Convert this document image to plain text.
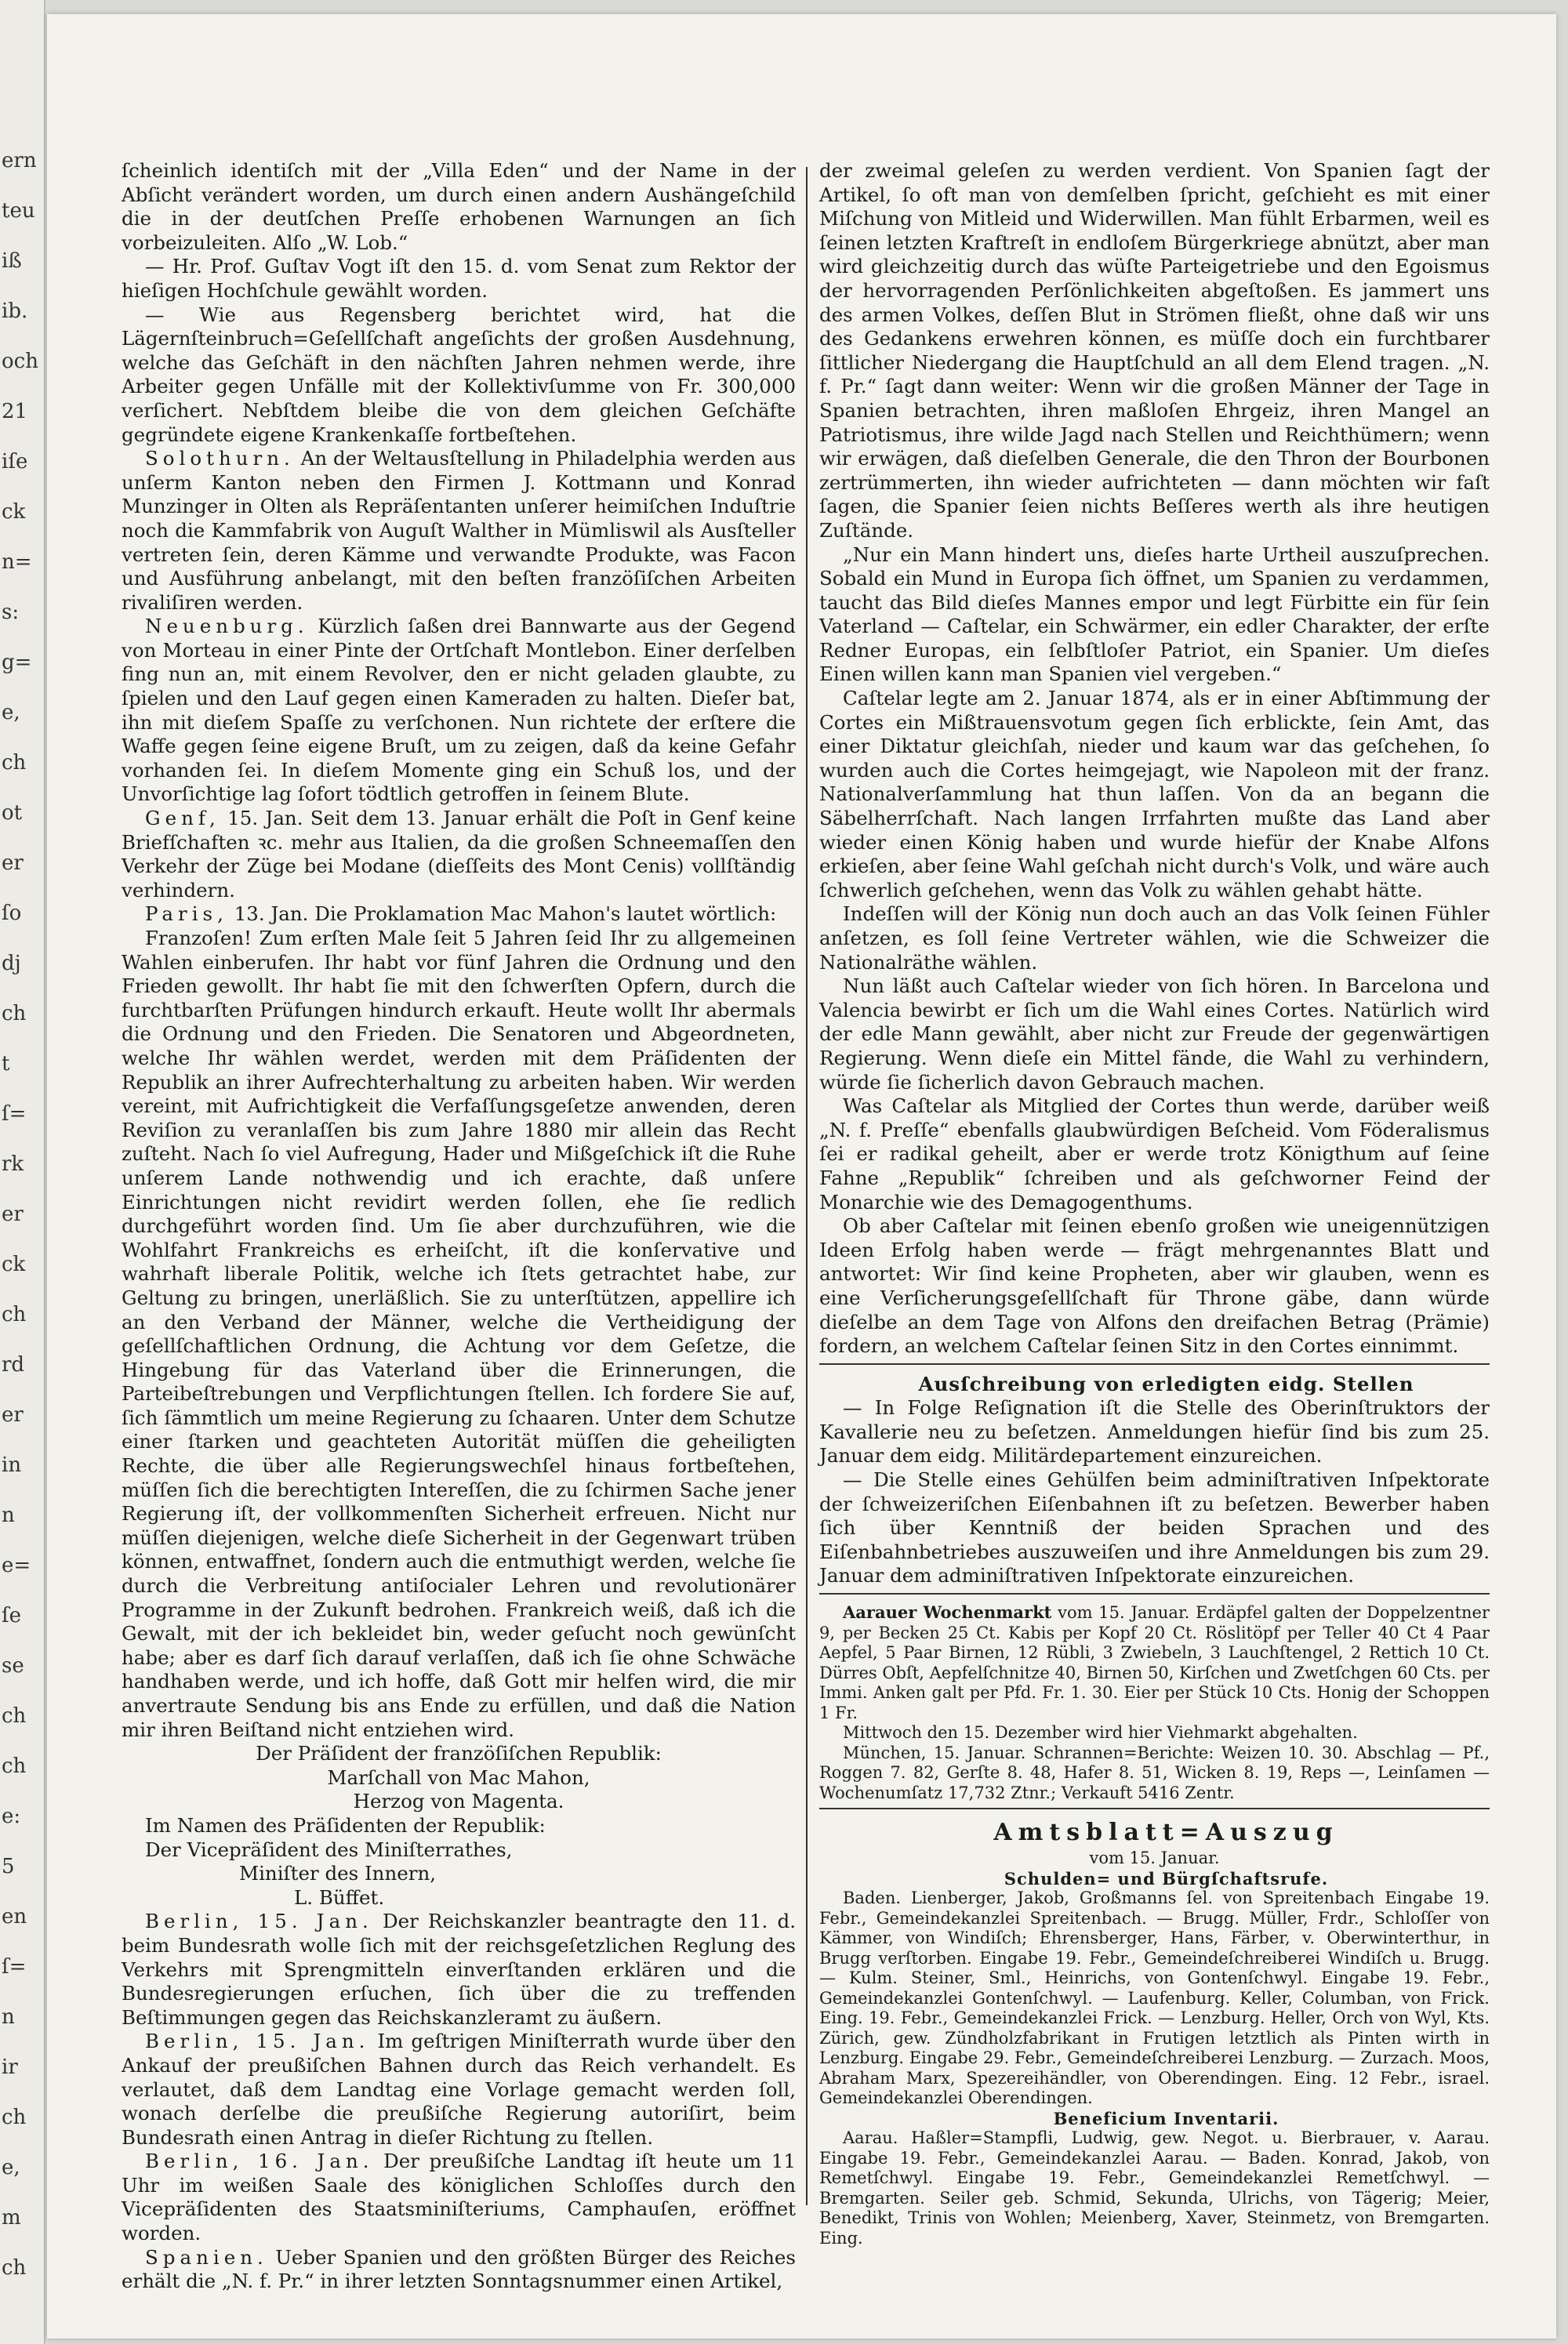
ern
teu
iß
ib.
och
21
iſe
ck
n=
s:
g=
e,
ch
ot
er
ſo
dj
ch
t
ſ=
rk
er
ck
ch
rd
er
in
n
e=
ſe
se
ch
ch
e:
5
en
ſ=
n
ir
ch
e,
m
ch

ſcheinlich identiſch mit der „Villa Eden“ und der Name in der Abſicht verändert worden, um durch einen andern Aushängeſchild die in der deutſchen Preſſe erhobenen Warnungen an ſich vorbeizuleiten. Alſo „W. Lob.“

— Hr. Prof. Guſtav Vogt iſt den 15. d. vom Senat zum Rektor der hieſigen Hochſchule gewählt worden.

— Wie aus Regensberg berichtet wird, hat die Lägernſteinbruch=Geſellſchaft angeſichts der großen Ausdehnung, welche das Geſchäft in den nächſten Jahren nehmen werde, ihre Arbeiter gegen Unfälle mit der Kollektivſumme von Fr. 300,000 verſichert. Nebſtdem bleibe die von dem gleichen Geſchäfte gegründete eigene Krankenkaſſe fortbeſtehen.

Solothurn. An der Weltausſtellung in Philadelphia werden aus unſerm Kanton neben den Firmen J. Kottmann und Konrad Munzinger in Olten als Repräſentanten unſerer heimiſchen Induſtrie noch die Kammfabrik von Auguſt Walther in Mümliswil als Ausſteller vertreten ſein, deren Kämme und verwandte Produkte, was Facon und Ausführung anbelangt, mit den beſten franzöſiſchen Arbeiten rivaliſiren werden.

Neuenburg. Kürzlich ſaßen drei Bannwarte aus der Gegend von Morteau in einer Pinte der Ortſchaft Montlebon. Einer derſelben fing nun an, mit einem Revolver, den er nicht geladen glaubte, zu ſpielen und den Lauf gegen einen Kameraden zu halten. Dieſer bat, ihn mit dieſem Spaſſe zu verſchonen. Nun richtete der erſtere die Waffe gegen ſeine eigene Bruſt, um zu zeigen, daß da keine Gefahr vorhanden ſei. In dieſem Momente ging ein Schuß los, und der Unvorſichtige lag ſofort tödtlich getroffen in ſeinem Blute.

Genf, 15. Jan. Seit dem 13. Januar erhält die Poſt in Genf keine Briefſchaften ꝛc. mehr aus Italien, da die großen Schneemaſſen den Verkehr der Züge bei Modane (dieſſeits des Mont Cenis) vollſtändig verhindern.

Paris, 13. Jan. Die Proklamation Mac Mahon's lautet wörtlich:

Franzoſen! Zum erſten Male ſeit 5 Jahren ſeid Ihr zu allgemeinen Wahlen einberufen. Ihr habt vor fünf Jahren die Ordnung und den Frieden gewollt. Ihr habt ſie mit den ſchwerſten Opfern, durch die furchtbarſten Prüfungen hindurch erkauft. Heute wollt Ihr abermals die Ordnung und den Frieden. Die Senatoren und Abgeordneten, welche Ihr wählen werdet, werden mit dem Präſidenten der Republik an ihrer Aufrechterhaltung zu arbeiten haben. Wir werden vereint, mit Aufrichtigkeit die Verfaſſungsgeſetze anwenden, deren Reviſion zu veranlaſſen bis zum Jahre 1880 mir allein das Recht zuſteht. Nach ſo viel Aufregung, Hader und Mißgeſchick iſt die Ruhe unſerem Lande nothwendig und ich erachte, daß unſere Einrichtungen nicht revidirt werden ſollen, ehe ſie redlich durchgeführt worden ſind. Um ſie aber durchzuführen, wie die Wohlfahrt Frankreichs es erheiſcht, iſt die konſervative und wahrhaft liberale Politik, welche ich ſtets getrachtet habe, zur Geltung zu bringen, unerläßlich. Sie zu unterſtützen, appellire ich an den Verband der Männer, welche die Vertheidigung der geſellſchaftlichen Ordnung, die Achtung vor dem Geſetze, die Hingebung für das Vaterland über die Erinnerungen, die Parteibeſtrebungen und Verpflichtungen ſtellen. Ich fordere Sie auf, ſich ſämmtlich um meine Regierung zu ſchaaren. Unter dem Schutze einer ſtarken und geachteten Autorität müſſen die geheiligten Rechte, die über alle Regierungswechſel hinaus fortbeſtehen, müſſen ſich die berechtigten Intereſſen, die zu ſchirmen Sache jener Regierung iſt, der vollkommenſten Sicherheit erfreuen. Nicht nur müſſen diejenigen, welche dieſe Sicherheit in der Gegenwart trüben können, entwaffnet, ſondern auch die entmuthigt werden, welche ſie durch die Verbreitung antiſocialer Lehren und revolutionärer Programme in der Zukunft bedrohen. Frankreich weiß, daß ich die Gewalt, mit der ich bekleidet bin, weder geſucht noch gewünſcht habe; aber es darf ſich darauf verlaſſen, daß ich ſie ohne Schwäche handhaben werde, und ich hoffe, daß Gott mir helfen wird, die mir anvertraute Sendung bis ans Ende zu erfüllen, und daß die Nation mir ihren Beiſtand nicht entziehen wird.

Der Präſident der franzöſiſchen Republik:

Marſchall von Mac Mahon,

Herzog von Magenta.

Im Namen des Präſidenten der Republik:

Der Vicepräſident des Miniſterrathes,

Miniſter des Innern,

L. Büffet.

Berlin, 15. Jan. Der Reichskanzler beantragte den 11. d. beim Bundesrath wolle ſich mit der reichsgeſetzlichen Reglung des Verkehrs mit Sprengmitteln einverſtanden erklären und die Bundesregierungen erſuchen, ſich über die zu treffenden Beſtimmungen gegen das Reichskanzleramt zu äußern.

Berlin, 15. Jan. Im geſtrigen Miniſterrath wurde über den Ankauf der preußiſchen Bahnen durch das Reich verhandelt. Es verlautet, daß dem Landtag eine Vorlage gemacht werden ſoll, wonach derſelbe die preußiſche Regierung autoriſirt, beim Bundesrath einen Antrag in dieſer Richtung zu ſtellen.

Berlin, 16. Jan. Der preußiſche Landtag iſt heute um 11 Uhr im weißen Saale des königlichen Schloſſes durch den Vicepräſidenten des Staatsminiſteriums, Camphauſen, eröffnet worden.

Spanien. Ueber Spanien und den größten Bürger des Reiches erhält die „N. f. Pr.“ in ihrer letzten Sonntagsnummer einen Artikel,

der zweimal geleſen zu werden verdient. Von Spanien ſagt der Artikel, ſo oft man von demſelben ſpricht, geſchieht es mit einer Miſchung von Mitleid und Widerwillen. Man fühlt Erbarmen, weil es ſeinen letzten Kraftreſt in endloſem Bürgerkriege abnützt, aber man wird gleichzeitig durch das wüſte Parteigetriebe und den Egoismus der hervorragenden Perſönlichkeiten abgeſtoßen. Es jammert uns des armen Volkes, deſſen Blut in Strömen fließt, ohne daß wir uns des Gedankens erwehren können, es müſſe doch ein furchtbarer ſittlicher Niedergang die Hauptſchuld an all dem Elend tragen. „N. f. Pr.“ ſagt dann weiter: Wenn wir die großen Männer der Tage in Spanien betrachten, ihren maßloſen Ehrgeiz, ihren Mangel an Patriotismus, ihre wilde Jagd nach Stellen und Reichthümern; wenn wir erwägen, daß dieſelben Generale, die den Thron der Bourbonen zertrümmerten, ihn wieder aufrichteten — dann möchten wir faſt ſagen, die Spanier ſeien nichts Beſſeres werth als ihre heutigen Zuſtände.

„Nur ein Mann hindert uns, dieſes harte Urtheil auszuſprechen. Sobald ein Mund in Europa ſich öffnet, um Spanien zu verdammen, taucht das Bild dieſes Mannes empor und legt Fürbitte ein für ſein Vaterland — Caſtelar, ein Schwärmer, ein edler Charakter, der erſte Redner Europas, ein ſelbſtloſer Patriot, ein Spanier. Um dieſes Einen willen kann man Spanien viel vergeben.“

Caſtelar legte am 2. Januar 1874, als er in einer Abſtimmung der Cortes ein Mißtrauensvotum gegen ſich erblickte, ſein Amt, das einer Diktatur gleichſah, nieder und kaum war das geſchehen, ſo wurden auch die Cortes heimgejagt, wie Napoleon mit der franz. Nationalverſammlung hat thun laſſen. Von da an begann die Säbelherrſchaft. Nach langen Irrfahrten mußte das Land aber wieder einen König haben und wurde hiefür der Knabe Alfons erkieſen, aber ſeine Wahl geſchah nicht durch's Volk, und wäre auch ſchwerlich geſchehen, wenn das Volk zu wählen gehabt hätte.

Indeſſen will der König nun doch auch an das Volk ſeinen Fühler anſetzen, es ſoll ſeine Vertreter wählen, wie die Schweizer die Nationalräthe wählen.

Nun läßt auch Caſtelar wieder von ſich hören. In Barcelona und Valencia bewirbt er ſich um die Wahl eines Cortes. Natürlich wird der edle Mann gewählt, aber nicht zur Freude der gegenwärtigen Regierung. Wenn dieſe ein Mittel fände, die Wahl zu verhindern, würde ſie ſicherlich davon Gebrauch machen.

Was Caſtelar als Mitglied der Cortes thun werde, darüber weiß „N. f. Preſſe“ ebenfalls glaubwürdigen Beſcheid. Vom Föderalismus ſei er radikal geheilt, aber er werde trotz Königthum auf ſeine Fahne „Republik“ ſchreiben und als geſchworner Feind der Monarchie wie des Demagogenthums.

Ob aber Caſtelar mit ſeinen ebenſo großen wie uneigennützigen Ideen Erfolg haben werde — frägt mehrgenanntes Blatt und antwortet: Wir ſind keine Propheten, aber wir glauben, wenn es eine Verſicherungsgeſellſchaft für Throne gäbe, dann würde dieſelbe an dem Tage von Alfons den dreifachen Betrag (Prämie) fordern, an welchem Caſtelar ſeinen Sitz in den Cortes einnimmt.

Ausſchreibung von erledigten eidg. Stellen

— In Folge Reſignation iſt die Stelle des Oberinſtruktors der Kavallerie neu zu beſetzen. Anmeldungen hiefür ſind bis zum 25. Januar dem eidg. Militärdepartement einzureichen.

— Die Stelle eines Gehülfen beim adminiſtrativen Inſpektorate der ſchweizeriſchen Eiſenbahnen iſt zu beſetzen. Bewerber haben ſich über Kenntniß der beiden Sprachen und des Eiſenbahnbetriebes auszuweiſen und ihre Anmeldungen bis zum 29. Januar dem adminiſtrativen Inſpektorate einzureichen.

Aarauer Wochenmarkt vom 15. Januar. Erdäpfel galten der Doppelzentner 9, per Becken 25 Ct. Kabis per Kopf 20 Ct. Röslitöpf per Teller 40 Ct 4 Paar Aepfel, 5 Paar Birnen, 12 Rübli, 3 Zwiebeln, 3 Lauchſtengel, 2 Rettich 10 Ct. Dürres Obſt, Aepfelſchnitze 40, Birnen 50, Kirſchen und Zwetſchgen 60 Cts. per Immi. Anken galt per Pfd. Fr. 1. 30. Eier per Stück 10 Cts. Honig der Schoppen 1 Fr.

Mittwoch den 15. Dezember wird hier Viehmarkt abgehalten.

München, 15. Januar. Schrannen=Berichte: Weizen 10. 30. Abschlag — Pf., Roggen 7. 82, Gerſte 8. 48, Hafer 8. 51, Wicken 8. 19, Reps —, Leinſamen — Wochenumſatz 17,732 Ztnr.; Verkauft 5416 Zentr.

Amtsblatt=Auszug

vom 15. Januar.

Schulden= und Bürgſchaftsrufe.

Baden. Lienberger, Jakob, Großmanns ſel. von Spreitenbach Eingabe 19. Febr., Gemeindekanzlei Spreitenbach. — Brugg. Müller, Frdr., Schloſſer von Kämmer, von Windiſch; Ehrensberger, Hans, Färber, v. Oberwinterthur, in Brugg verſtorben. Eingabe 19. Febr., Gemeindeſchreiberei Windiſch u. Brugg. — Kulm. Steiner, Sml., Heinrichs, von Gontenſchwyl. Eingabe 19. Febr., Gemeindekanzlei Gontenſchwyl. — Laufenburg. Keller, Columban, von Frick. Eing. 19. Febr., Gemeindekanzlei Frick. — Lenzburg. Heller, Orch von Wyl, Kts. Zürich, gew. Zündholzfabrikant in Frutigen letztlich als Pinten wirth in Lenzburg. Eingabe 29. Febr., Gemeindeſchreiberei Lenzburg. — Zurzach. Moos, Abraham Marx, Spezereihändler, von Oberendingen. Eing. 12 Febr., israel. Gemeindekanzlei Oberendingen.

Beneficium Inventarii.

Aarau. Haßler=Stampfli, Ludwig, gew. Negot. u. Bierbrauer, v. Aarau. Eingabe 19. Febr., Gemeindekanzlei Aarau. — Baden. Konrad, Jakob, von Remetſchwyl. Eingabe 19. Febr., Gemeindekanzlei Remetſchwyl. — Bremgarten. Seiler geb. Schmid, Sekunda, Ulrichs, von Tägerig; Meier, Benedikt, Trinis von Wohlen; Meienberg, Xaver, Steinmetz, von Bremgarten. Eing.
